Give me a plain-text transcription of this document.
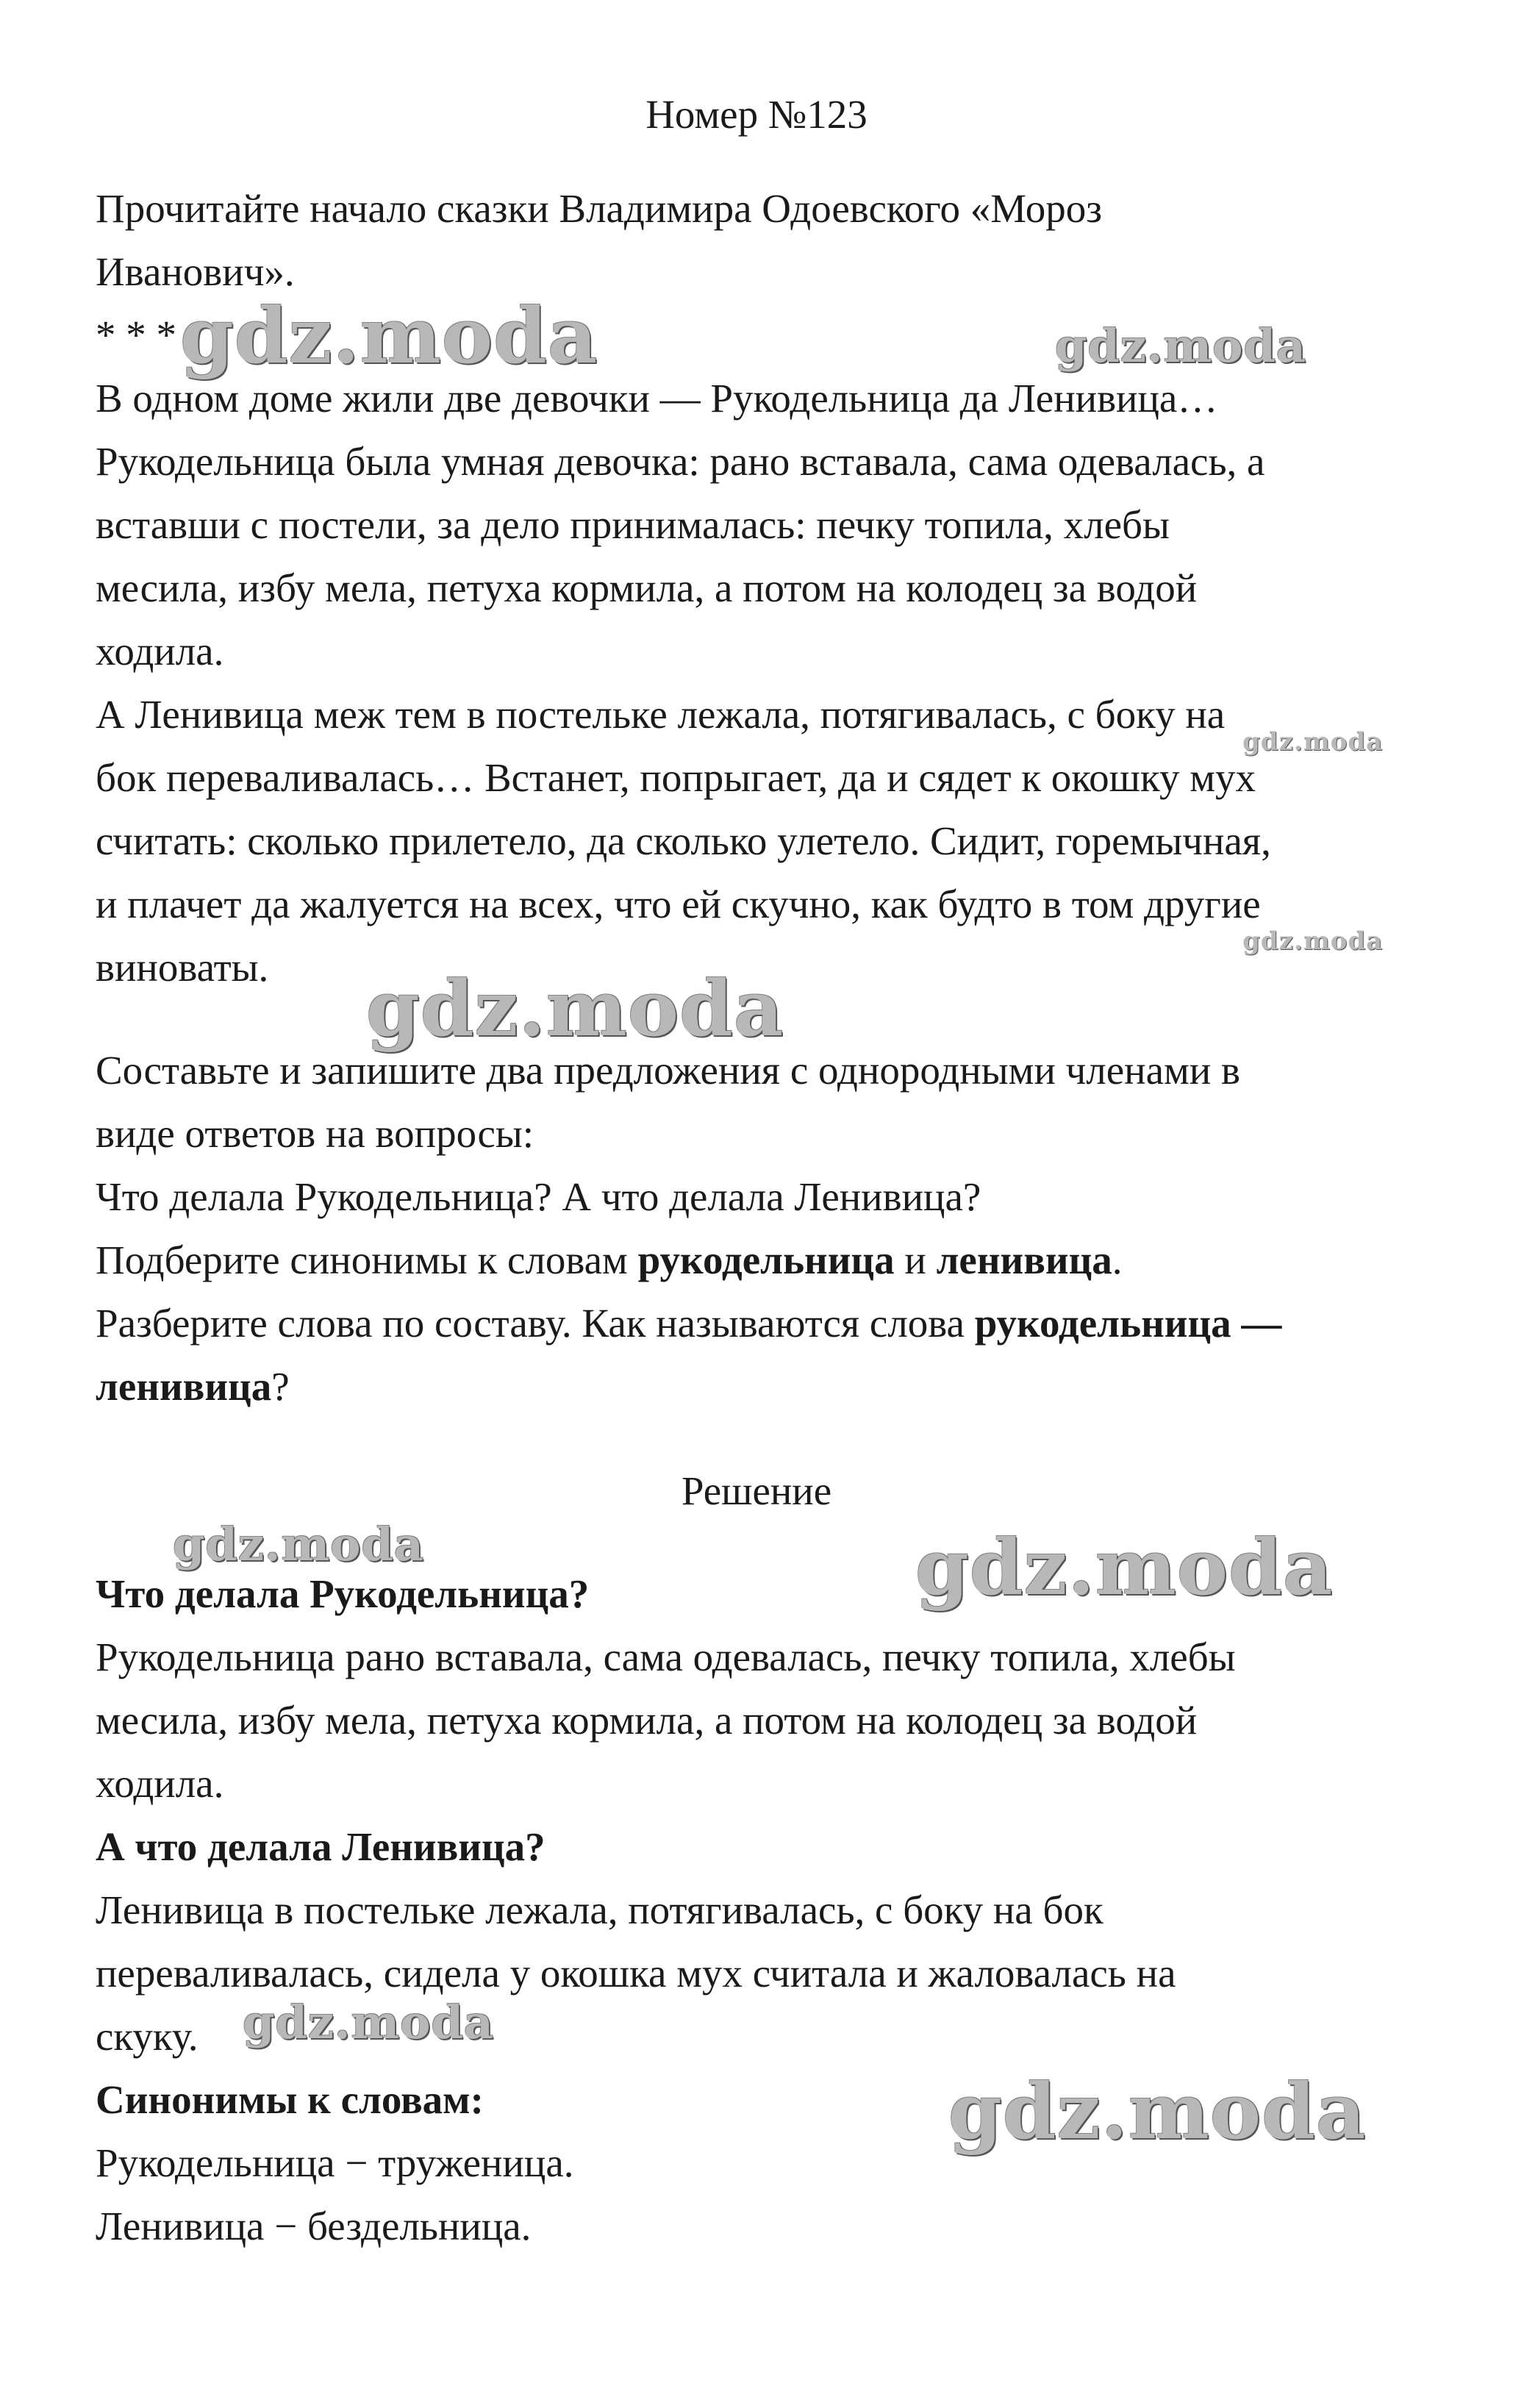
Номер №123
Прочитайте начало сказки Владимира Одоевского «Мороз
Иванович».
* * *
В одном доме жили две девочки — Рукодельница да Ленивица…
Рукодельница была умная девочка: рано вставала, сама одевалась, а
вставши с постели, за дело принималась: печку топила, хлебы
месила, избу мела, петуха кормила, а потом на колодец за водой
ходила.
А Ленивица меж тем в постельке лежала, потягивалась, с боку на
бок переваливалась… Встанет, попрыгает, да и сядет к окошку мух
считать: сколько прилетело, да сколько улетело. Сидит, горемычная,
и плачет да жалуется на всех, что ей скучно, как будто в том другие
виноваты.
Составьте и запишите два предложения с однородными членами в
виде ответов на вопросы:
Что делала Рукодельница? А что делала Ленивица?
Подберите синонимы к словам рукодельница и ленивица.
Разберите слова по составу. Как называются слова рукодельница —
ленивица?
Решение
Что делала Рукодельница?
Рукодельница рано вставала, сама одевалась, печку топила, хлебы
месила, избу мела, петуха кормила, а потом на колодец за водой
ходила.
А что делала Ленивица?
Ленивица в постельке лежала, потягивалась, с боку на бок
переваливалась, сидела у окошка мух считала и жаловалась на
скуку.
Синонимы к словам:
Рукодельница − труженица.
Ленивица − бездельница.
gdz.moda	gdz.moda
gdz.moda
gdz.moda
gdz.moda
gdz.moda	gdz.moda
gdz.moda
gdz.moda
